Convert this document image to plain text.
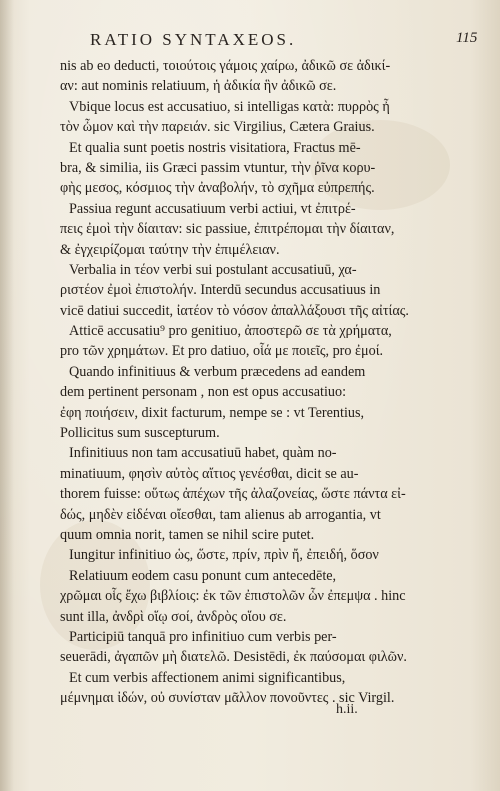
RATIO SYNTAXEOS.	115
nis ab eo deducti, τοιούτοις γάμοις χαίρω, ἀδικῶ σε ἀδικί-
αν: aut nominis relatiuum, ἡ ἀδικία ἣν ἀδικῶ σε.
Vbique locus est accusatiuo, si intelligas κατὰ: πυρρὸς ἦ
τὸν ὦμον καὶ τὴν παρειάν. sic Virgilius, Cætera Graius.
Et qualia sunt poetis nostris visitatiora, Fractus mē-
bra, & similia, iis Græci passim vtuntur, τὴν ῥῖνα κορυ-
φὴς μεσος, κόσμιος τὴν ἀναβολήν, τὸ σχῆμα εὐπρεπής.
Passiua regunt accusatiuum verbi actiui, vt ἐπιτρέ-
πεις ἐμοὶ τὴν δίαιταν: sic passiue, ἐπιτρέπομαι τὴν δίαιταν,
& ἐγχειρίζομαι ταύτην τὴν ἐπιμέλειαν.
Verbalia in τέον verbi sui postulant accusatiuū, χα-
ριστέον ἐμοὶ ἐπιστολήν. Interdū secundus accusatiuus in
vicē datiui succedit, ἰατέον τὸ νόσον ἀπαλλάξουσι τῆς αἰτίας.
Atticē accusatiu⁹ pro genitiuo, ἀποστερῶ σε τὰ χρήματα,
pro τῶν χρημάτων. Et pro datiuo, οἷά με ποιεῖς, pro ἐμοί.
Quando infinitiuus & verbum præcedens ad eandem
dem pertinent personam , non est opus accusatiuo:
ἐφη ποιήσειν, dixit facturum, nempe se : vt Terentius,
Pollicitus sum suscepturum.
Infinitiuus non tam accusatiuū habet, quàm no-
minatiuum, φησὶν αὐτὸς αἴτιος γενέσθαι, dicit se au-
thorem fuisse: οὕτως ἀπέχων τῆς ἀλαζονείας, ὥστε πάντα εἰ-
δώς, μηδὲν εἰδέναι οἴεσθαι, tam alienus ab arrogantia, vt
quum omnia norit, tamen se nihil scire putet.
Iungitur infinitiuo ὡς, ὥστε, πρίν, πρὶν ἤ, ἐπειδή, ὅσον
Relatiuum eodem casu ponunt cum antecedēte,
χρῶμαι οἷς ἔχω βιβλίοις: ἐκ τῶν ἐπιστολῶν ὧν ἐπεμψα . hinc
sunt illa, ἀνδρὶ οἵῳ σοί, ἀνδρὸς οἵου σε.
Participiū tanquā pro infinitiuo cum verbis per-
seuerādi, ἀγαπῶν μὴ διατελῶ. Desistēdi, ἐκ παύσομαι φιλῶν.
Et cum verbis affectionem animi significantibus,
μέμνημαι ἰδών, οὐ συνίσταν μᾶλλον πονοῦντες . sic Virgil.
h.ii.
